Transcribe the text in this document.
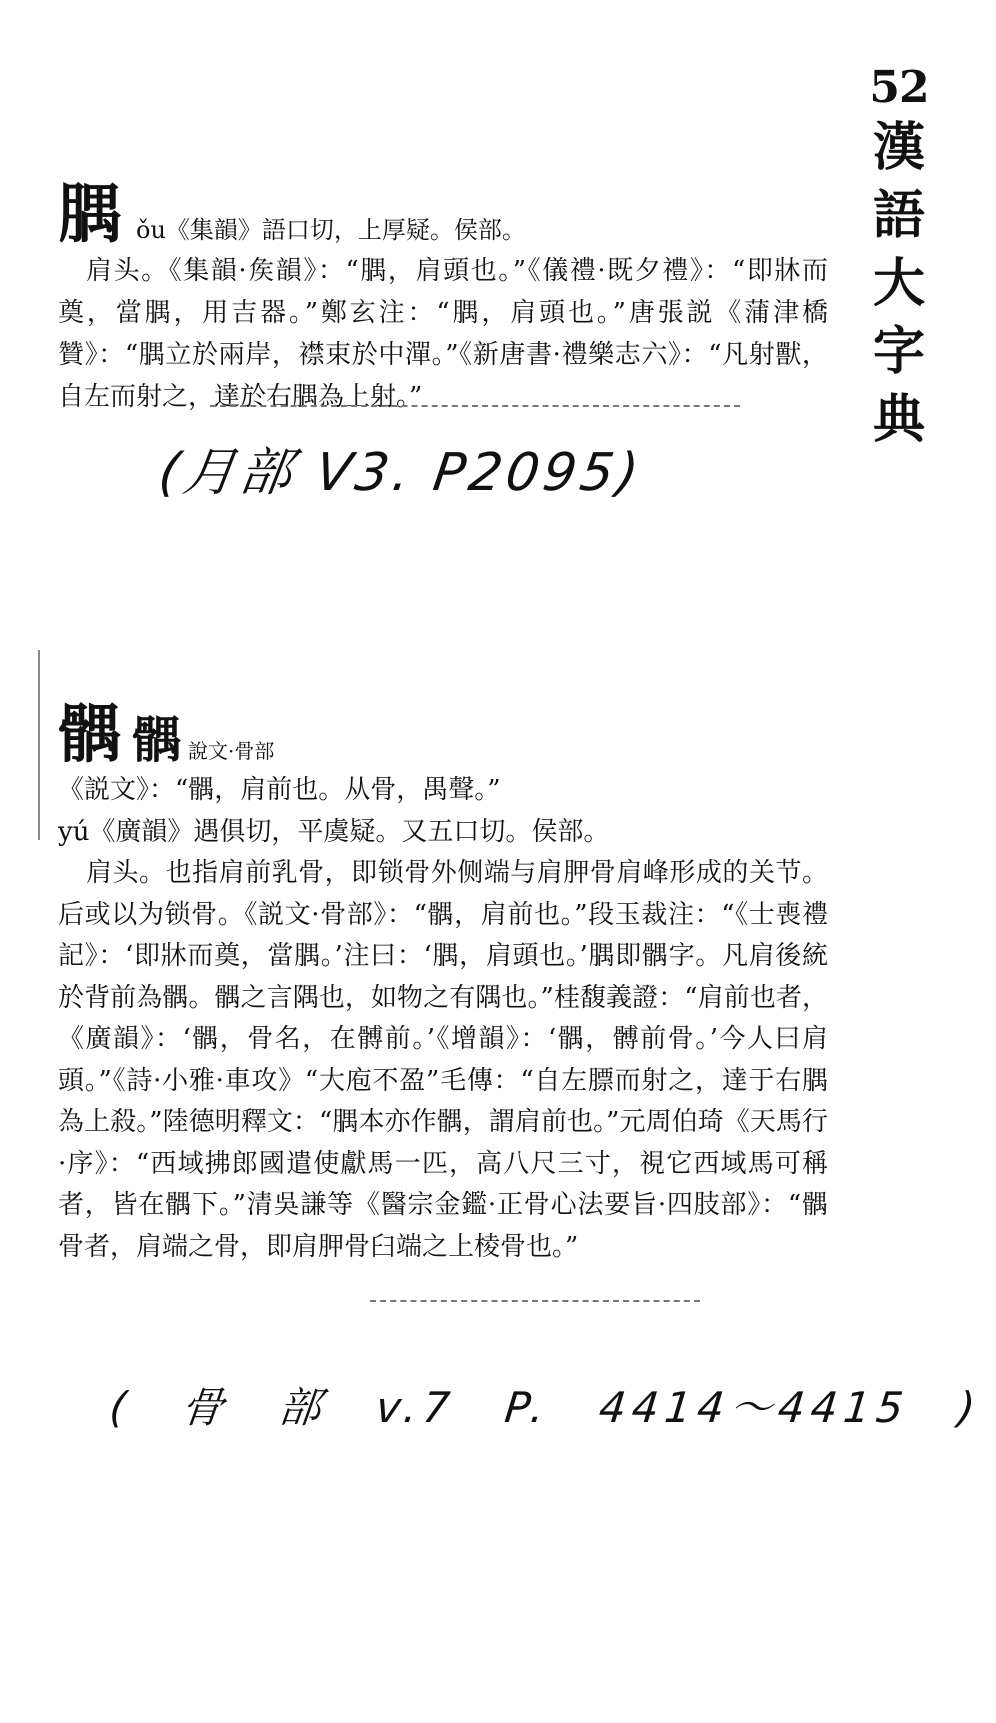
52
漢
語
大
字
典
腢 ǒu《集韻》語口切，上厚疑。侯部。

肩头。《集韻·矦韻》：“腢，肩頭也。”《儀禮·既夕禮》：“即牀而奠，當腢，用吉器。”鄭玄注：“腢，肩頭也。”唐張説《蒲津橋贊》：“腢立於兩岸，襟束於中潬。”《新唐書·禮樂志六》：“凡射獸，自左而射之，達於右腢為上射。”

(月部 V3. P2095)
髃 髃 說文·骨部

《説文》：“髃，肩前也。从骨，禺聲。”

yú《廣韻》遇俱切，平虞疑。又五口切。侯部。

肩头。也指肩前乳骨，即锁骨外侧端与肩胛骨肩峰形成的关节。后或以为锁骨。《説文·骨部》：“髃，肩前也。”段玉裁注：“《士喪禮記》：‘即牀而奠，當腢。’注曰：‘腢，肩頭也。’腢即髃字。凡肩後統於背前為髃。髃之言隅也，如物之有隅也。”桂馥義證：“肩前也者，《廣韻》：‘髃，骨名，在髆前。’《增韻》：‘髃，髆前骨。’今人曰肩頭。”《詩·小雅·車攻》“大庖不盈”毛傳：“自左膘而射之，達于右腢為上殺。”陸德明釋文：“腢本亦作髃，謂肩前也。”元周伯琦《天馬行·序》：“西域拂郎國遣使獻馬一匹，高八尺三寸，視它西域馬可稱者，皆在髃下。”清吳謙等《醫宗金鑑·正骨心法要旨·四肢部》：“髃骨者，肩端之骨，即肩胛骨臼端之上棱骨也。”

( 骨 部 v.7 P. 4414～4415 )
